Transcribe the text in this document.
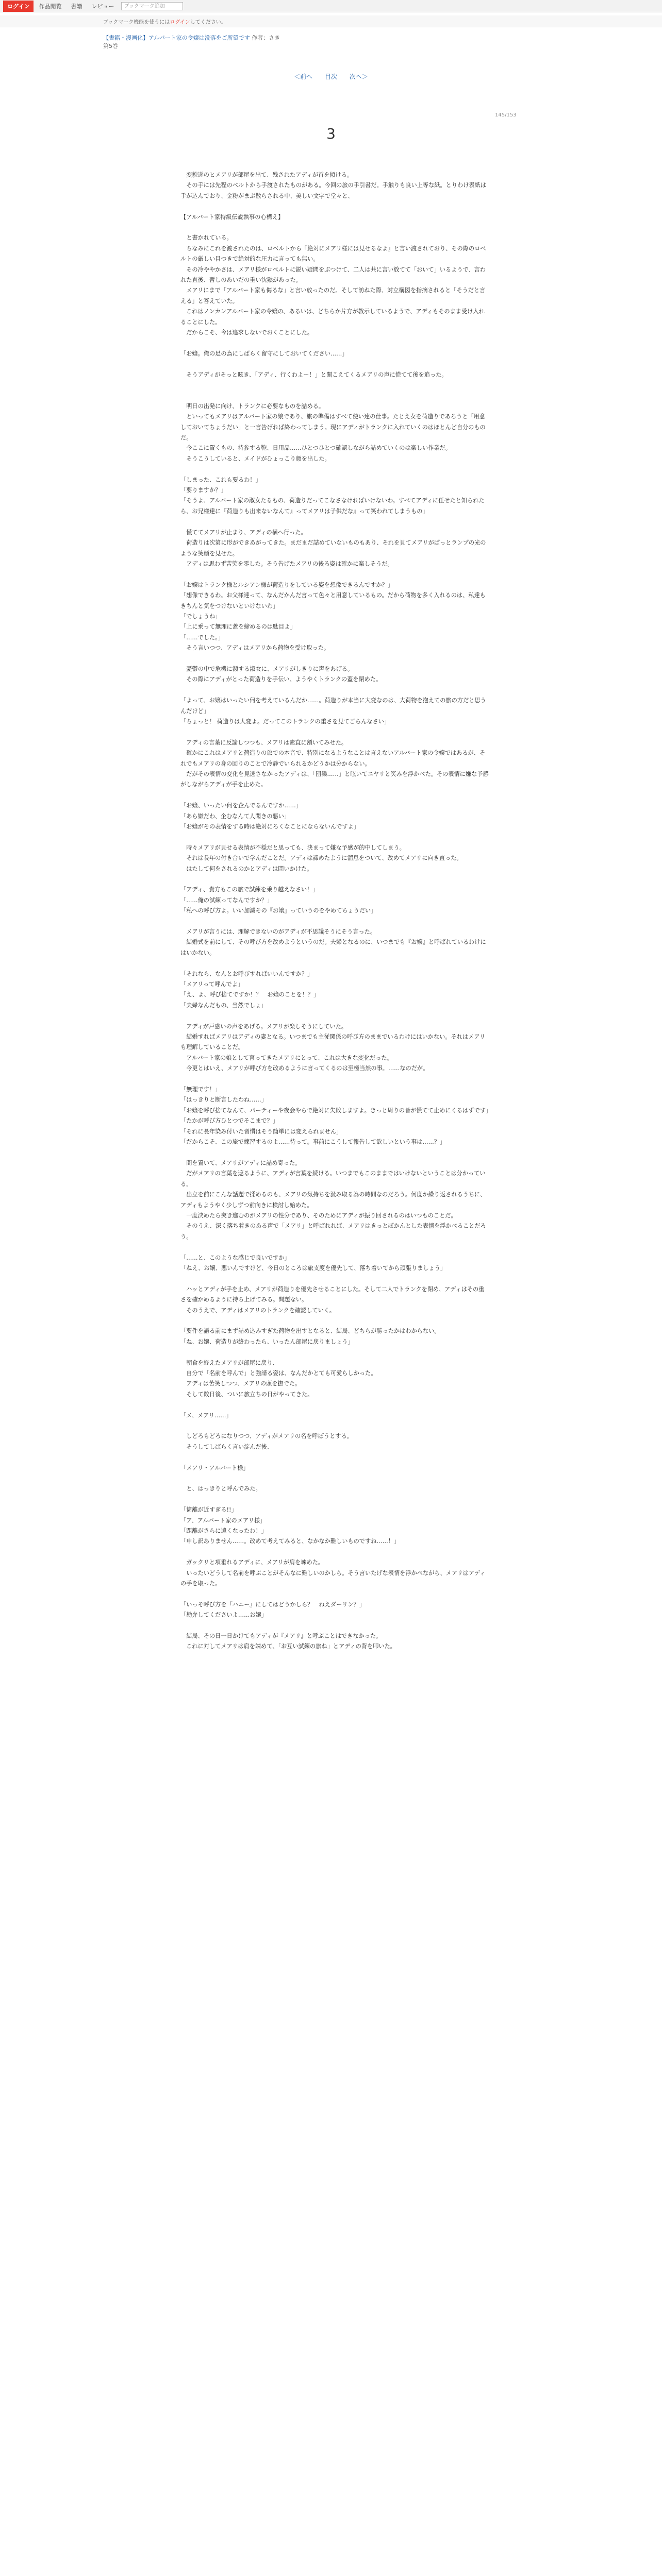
ログイン	作品閲覧	書籍	レビュー	ブックマーク追加
ブックマーク機能を使うにはログインしてください。
【書籍・漫画化】アルバート家の令嬢は没落をご所望です 作者：さき
第5巻
＜前へ 目次 次へ＞
145/153
3

　変貌遂のヒメアリが部屋を出て、残されたアディが首を傾ける。

　その手には先程のベルトから手渡されたものがある。今回の旅の手引書だ。手触りも良い上等な紙。とりわけ表紙は手が込んでおり、金粉がまぶ散らされる中、美しい文字で堂々と、

【アルバート家特級伝説執事の心構え】

　と書かれている。

　ちなみにこれを渡されたのは、ロベルトから『絶対にメアリ様には見せるなよ』と言い渡されており、その際のロベルトの厳しい目つきで絶対的な圧力に言っても無い。

　その冷ややかさは、メアリ様がロベルトに鋭い疑問をぶつけて、二人は共に言い放てて「おいて」いるようで、言われた直後、暫しのあいだの重い沈黙があった。

　メアリにまで「アルバート家も侮るな」と言い放ったのだ。そして訪ねた際、対立構図を指摘されると「そうだと言える」と答えていた。

　これはノンカンアルバート家の令嬢の、あるいは、どちらか片方が教示しているようで、アディもそのまま受け入れることにした。

　だからこそ、今は追求しないでおくことにした。

「お嬢。俺の足の為にしばらく留守にしておいてください……」

　そうアディがそっと呟き、「アディ、行くわよー！」と聞こえてくるメアリの声に慌てて後を追った。

　明日の出発に向け、トランクに必要なものを詰める。

　といってもメアリはアルバート家の娘であり、旅の準備はすべて使い達の仕事。たとえ女を荷造りであろうと「用意しておいてちょうだい」と一言告げれば終わってしまう。現にアディがトランクに入れていくのはほとんど自分のものだ。

　今ここに置くもの、持参する鞄、日用品……ひとつひとつ確認しながら詰めていくのは楽しい作業だ。

　そうこうしていると、メイドがひょっこり顔を出した。

「しまった、これも要るわ！」

「要りますか？」

「そうよ、アルバート家の淑女たるもの、荷造りだってこなさなければいけないわ。すべてアディに任せたと知られたら、お兄様達に『荷造りも出来ないなんて』ってメアリは子供だな』って笑われてしまうもの」

　慌ててメアリが止まり、アディの横へ行った。

　荷造りは次第に形ができあがってきた。まだまだ詰めていないものもあり、それを見てメアリがぱっとランプの光のような笑顔を見せた。

　アディは思わず苦笑を零した。そう告げたメアリの後ろ姿は確かに楽しそうだ。

「お嬢はトランク様とルシアン様が荷造りをしている姿を想像できるんですか？」

「想像できるわ。お父様達って、なんだかんだ言って色々と用意しているもの。だから荷物を多く入れるのは、私達もきちんと気をつけないといけないわ」

「でしょうね」

「上に乗って無理に蓋を締めるのは駄目よ」

「……でした。」

　そう言いつつ、アディはメアリから荷物を受け取った。

　憂鬱の中で危機に瀕する淑女に、メアリがしきりに声をあげる。

　その際にアディがとった荷造りを手伝い、ようやくトランクの蓋を閉めた。

「よって、お嬢はいったい何を考えているんだか……。荷造りが本当に大変なのは、大荷物を抱えての旅の方だと思うんだけど」

「ちょっと！ 荷造りは大変よ。だってこのトランクの重さを見てごらんなさい」

　アディの言葉に反論しつつも、メアリは素直に頷いてみせた。

　確かにこれはメアリと荷造りの旅での本音で、特別になるようなことは言えないアルバート家の令嬢ではあるが、それでもメアリの身の回りのことで冷静でいられるかどうかは分からない。

　だがその表情の変化を見逃さなかったアディは、「団欒……」と呟いてニヤリと笑みを浮かべた。その表情に嫌な予感がしながらアディが手を止めた。

「お嬢、いったい何を企んでるんですか……」

「あら嫌だわ、企むなんて人聞きの悪い」

「お嬢がその表情をする時は絶対にろくなことにならないんですよ」

　時々メアリが見せる表情が不穏だと思っても、決まって嫌な予感が的中してしまう。

　それは長年の付き合いで学んだことだ。アディは諦めたように溜息をついて、改めてメアリに向き直った。

　はたして何をされるのかとアディは問いかけた。

「アディ、貴方もこの旅で試練を乗り越えなさい！」

「……俺の試練ってなんですか？」

「私への呼び方よ。いい加減その『お嬢』っていうのをやめてちょうだい」

　メアリが言うには、理解できないのがアディが不思議そうにそう言った。

　結婚式を前にして、その呼び方を改めようというのだ。夫婦となるのに、いつまでも『お嬢』と呼ばれているわけにはいかない。

「それなら、なんとお呼びすればいいんですか？」

「メアリって呼んでよ」

「え、よ、呼び捨てですか！？　お嬢のことを！？」

「夫婦なんだもの、当然でしょ」

　アディが戸惑いの声をあげる。メアリが楽しそうにしていた。

　結婚すればメアリはアディの妻となる。いつまでも主従関係の呼び方のままでいるわけにはいかない。それはメアリも理解していることだ。

　アルバート家の娘として育ってきたメアリにとって、これは大きな変化だった。

　今更とはいえ、メアリが呼び方を改めるように言ってくるのは至極当然の事。……なのだが。

「無理です！」

「はっきりと断言したわね……」

「お嬢を呼び捨てなんて、パーティーや夜会やらで絶対に失敗しますよ。きっと周りの皆が慌てて止めにくるはずです」

「たかが呼び方ひとつでそこまで？」

「それに長年染み付いた習慣はそう簡単には変えられません」

「だからこそ、この旅で練習するのよ……待って。事前にこうして報告して欲しいという事は……？」

　間を置いて、メアリがアディに詰め寄った。

　だがメアリの言葉を遮るように、アディが言葉を続ける。いつまでもこのままではいけないということは分かっている。

　出立を前にこんな話題で揉めるのも、メアリの気持ちを汲み取る為の時間なのだろう。何度か繰り返されるうちに、アディもようやく少しずつ前向きに検討し始めた。

　一度決めたら突き進むのがメアリの性分であり、そのためにアディが振り回されるのはいつものことだ。

　そのうえ、深く落ち着きのある声で「メアリ」と呼ばれれば、メアリはきっとぽかんとした表情を浮かべることだろう。

「……と、このような感じで良いですか」

「ねえ、お嬢、悪いんですけど、今日のところは旅支度を優先して、落ち着いてから頑張りましょう」

　ハッとアディが手を止め、メアリが荷造りを優先させることにした。そして二人でトランクを閉め、アディはその重さを確かめるように持ち上げてみる。問題ない。

　そのうえで、アディはメアリのトランクを確認していく。

「要件を語る前にまず詰め込みすぎた荷物を出すとなると、結局、どちらが勝ったかはわからない。

「ね、お嬢、荷造りが終わったら、いったん部屋に戻りましょう」

　朝食を終えたメアリが部屋に戻り、

　自分で「名前を呼んで」と強請る姿は、なんだかとても可愛らしかった。

　アディは苦笑しつつ、メアリの頭を撫でた。

　そして数日後、ついに旅立ちの日がやってきた。

「メ、メアリ……」

　しどろもどろになりつつ、アディがメアリの名を呼ぼうとする。

　そうしてしばらく言い淀んだ後、

「メアリ・アルバート様」

　と、はっきりと呼んでみた。

「箇離が近すぎる!!」

「ア、アルバート家のメアリ様」

「距離がさらに遠くなったわ！」

「申し訳ありません……。改めて考えてみると、なかなか難しいものですね……！」

　ガックリと項垂れるアディに、メアリが肩を竦めた。

　いったいどうして名前を呼ぶことがそんなに難しいのかしら。そう言いたげな表情を浮かべながら、メアリはアディの手を取った。

「いっそ呼び方を『ハニー』にしてはどうかしら？　ねえダーリン？」

「勘弁してくださいよ……お嬢」

　結局、その日一日かけてもアディが『メアリ』と呼ぶことはできなかった。

　これに対してメアリは肩を竦めて、「お互い試練の旅ね」とアディの背を叩いた。
